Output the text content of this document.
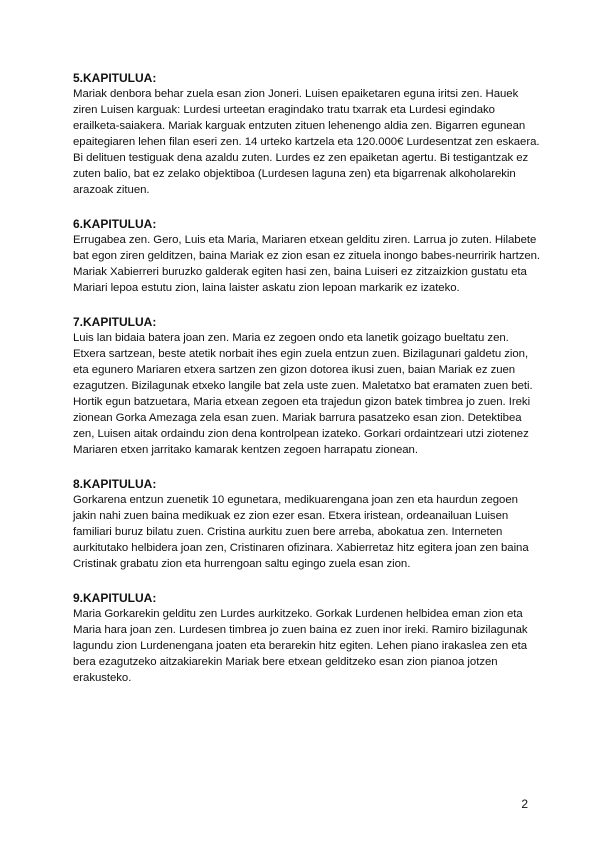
5.KAPITULUA:

Mariak denbora behar zuela esan zion Joneri. Luisen epaiketaren eguna iritsi zen. Hauek ziren Luisen karguak: Lurdesi urteetan eragindako tratu txarrak eta Lurdesi egindako erailketa-saiakera. Mariak karguak entzuten zituen lehenengo aldia zen. Bigarren egunean epaitegiaren lehen filan eseri zen. 14 urteko kartzela eta 120.000€ Lurdesentzat zen eskaera. Bi delituen testiguak dena azaldu zuten. Lurdes ez zen epaiketan agertu. Bi testigantzak ez zuten balio, bat ez zelako objektiboa (Lurdesen laguna zen) eta bigarrenak alkoholarekin arazoak zituen.

6.KAPITULUA:

Errugabea zen. Gero, Luis eta Maria, Mariaren etxean gelditu ziren. Larrua jo zuten. Hilabete bat egon ziren gelditzen, baina Mariak ez zion esan ez zituela inongo babes-neurririk hartzen. Mariak Xabierreri buruzko galderak egiten hasi zen, baina Luiseri ez zitzaizkion gustatu eta Mariari lepoa estutu zion, laina laister askatu zion lepoan markarik ez izateko.

7.KAPITULUA:

Luis lan bidaia batera joan zen. Maria ez zegoen ondo eta lanetik goizago bueltatu zen. Etxera sartzean, beste atetik norbait ihes egin zuela entzun zuen. Bizilagunari galdetu zion, eta egunero Mariaren etxera sartzen zen gizon dotorea ikusi zuen, baian Mariak ez zuen ezagutzen. Bizilagunak etxeko langile bat zela uste zuen. Maletatxo bat eramaten zuen beti. Hortik egun batzuetara, Maria etxean zegoen eta trajedun gizon batek timbrea jo zuen. Ireki zionean Gorka Amezaga zela esan zuen. Mariak barrura pasatzeko esan zion. Detektibea zen, Luisen aitak ordaindu zion dena kontrolpean izateko. Gorkari ordaintzeari utzi ziotenez Mariaren etxen jarritako kamarak kentzen zegoen harrapatu zionean.

8.KAPITULUA:

Gorkarena entzun zuenetik 10 egunetara, medikuarengana joan zen eta haurdun zegoen jakin nahi zuen baina medikuak ez zion ezer esan. Etxera iristean, ordeanailuan Luisen familiari buruz bilatu zuen. Cristina aurkitu zuen bere arreba, abokatua zen. Interneten aurkitutako helbidera joan zen, Cristinaren ofizinara. Xabierretaz hitz egitera joan zen baina Cristinak grabatu zion eta hurrengoan saltu egingo zuela esan zion.

9.KAPITULUA:

Maria Gorkarekin gelditu zen Lurdes aurkitzeko. Gorkak Lurdenen helbidea eman zion eta Maria hara joan zen. Lurdesen timbrea jo zuen baina ez zuen inor ireki. Ramiro bizilagunak lagundu zion Lurdenengana joaten eta berarekin hitz egiten. Lehen piano irakaslea zen eta bera ezagutzeko aitzakiarekin Mariak bere etxean gelditzeko esan zion pianoa jotzen erakusteko.

2
